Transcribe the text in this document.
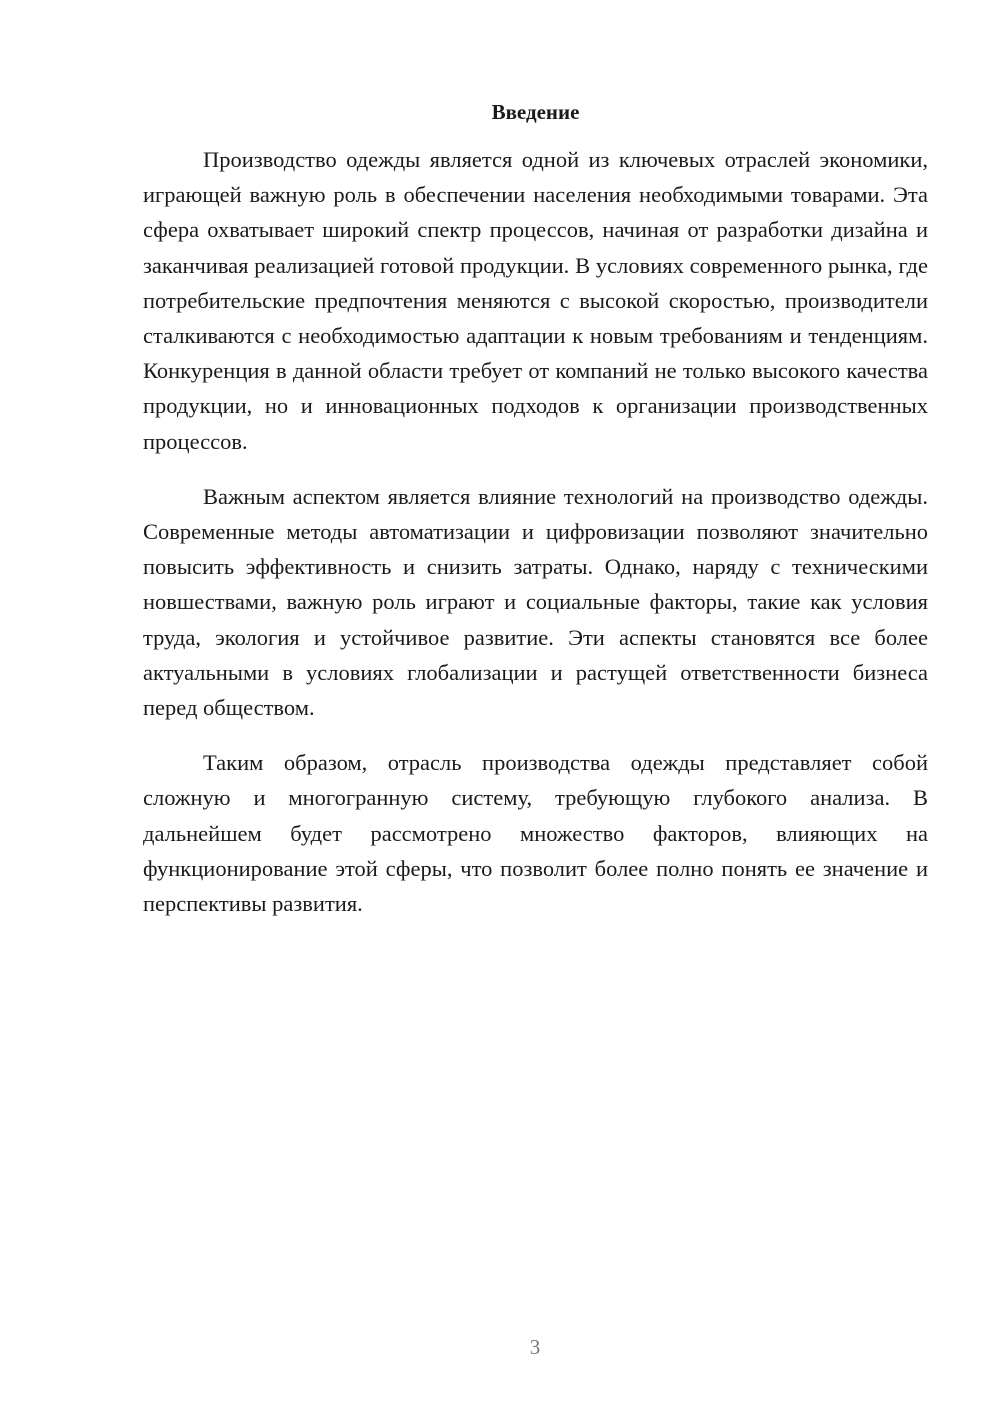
Введение

Производство одежды является одной из ключевых отраслей экономики, играющей важную роль в обеспечении населения необходимыми товарами. Эта сфера охватывает широкий спектр процессов, начиная от разработки дизайна и заканчивая реализацией готовой продукции. В условиях современного рынка, где потребительские предпочтения меняются с высокой скоростью, производители сталкиваются с необходимостью адаптации к новым требованиям и тенденциям. Конкуренция в данной области требует от компаний не только высокого качества продукции, но и инновационных подходов к организации производственных процессов.

Важным аспектом является влияние технологий на производство одежды. Современные методы автоматизации и цифровизации позволяют значительно повысить эффективность и снизить затраты. Однако, наряду с техническими новшествами, важную роль играют и социальные факторы, такие как условия труда, экология и устойчивое развитие. Эти аспекты становятся все более актуальными в условиях глобализации и растущей ответственности бизнеса перед обществом.

Таким образом, отрасль производства одежды представляет собой сложную и многогранную систему, требующую глубокого анализа. В дальнейшем будет рассмотрено множество факторов, влияющих на функционирование этой сферы, что позволит более полно понять ее значение и перспективы развития.

3
